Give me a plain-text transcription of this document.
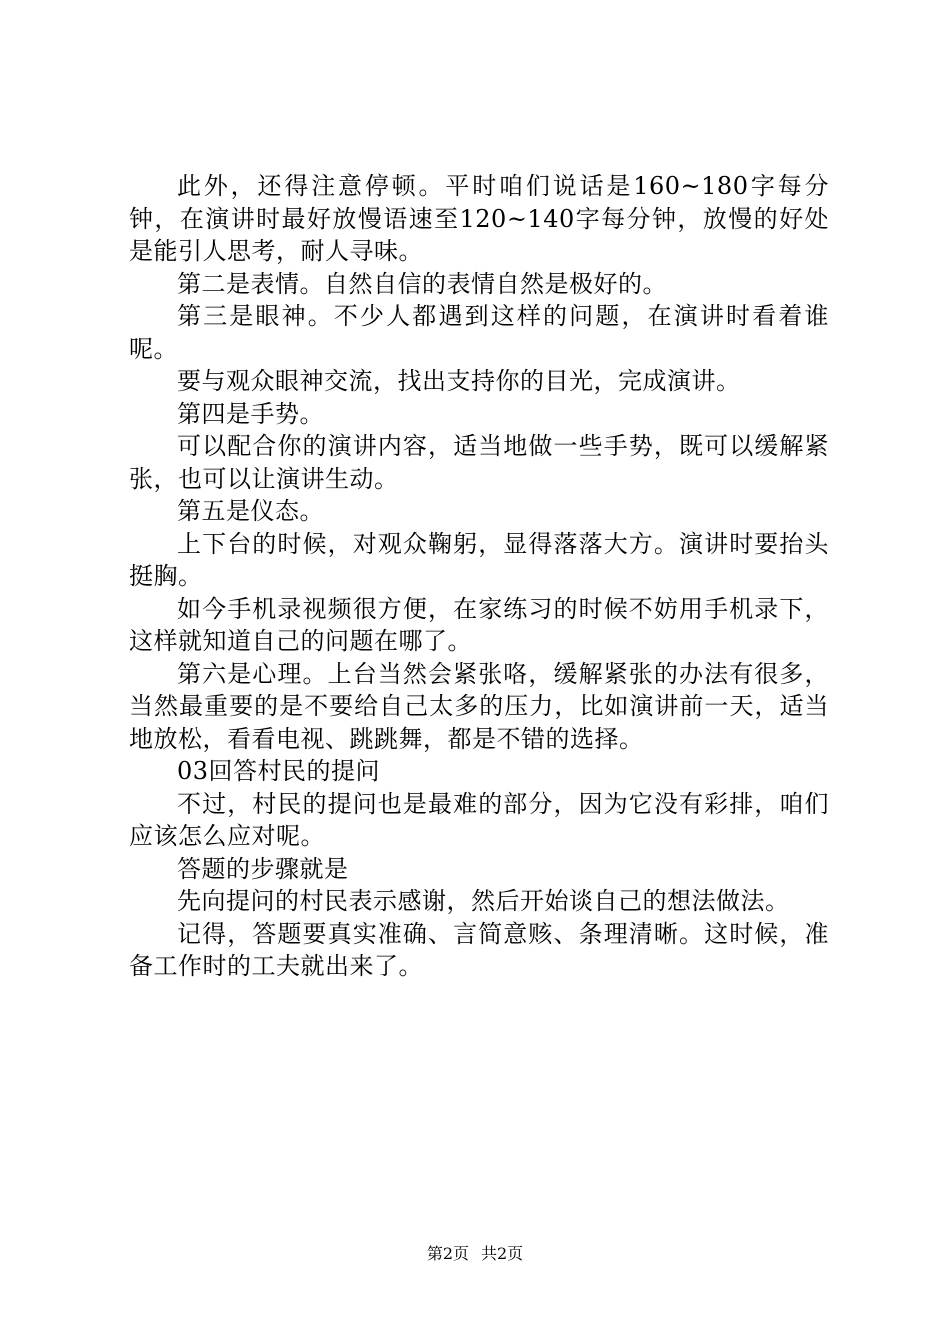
此外，还得注意停顿。平时咱们说话是160~180字每分钟，在演讲时最好放慢语速至120~140字每分钟，放慢的好处是能引人思考，耐人寻味。

第二是表情。自然自信的表情自然是极好的。

第三是眼神。不少人都遇到这样的问题，在演讲时看着谁呢。

要与观众眼神交流，找出支持你的目光，完成演讲。

第四是手势。

可以配合你的演讲内容，适当地做一些手势，既可以缓解紧张，也可以让演讲生动。

第五是仪态。

上下台的时候，对观众鞠躬，显得落落大方。演讲时要抬头挺胸。

如今手机录视频很方便，在家练习的时候不妨用手机录下，这样就知道自己的问题在哪了。

第六是心理。上台当然会紧张咯，缓解紧张的办法有很多，当然最重要的是不要给自己太多的压力，比如演讲前一天，适当地放松，看看电视、跳跳舞，都是不错的选择。

03回答村民的提问

不过，村民的提问也是最难的部分，因为它没有彩排，咱们应该怎么应对呢。

答题的步骤就是

先向提问的村民表示感谢，然后开始谈自己的想法做法。

记得，答题要真实准确、言简意赅、条理清晰。这时候，准备工作时的工夫就出来了。

第2页 共2页
